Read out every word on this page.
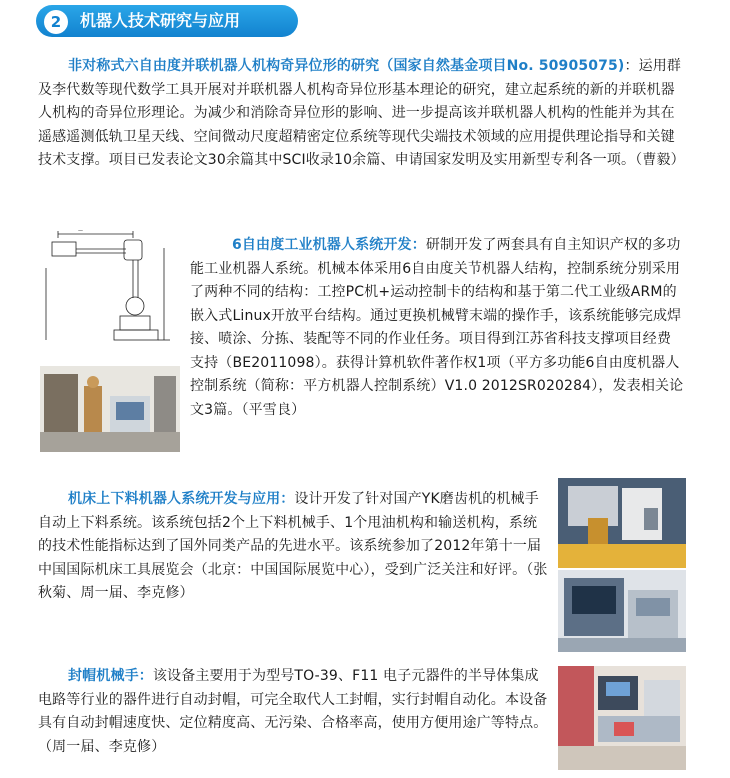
2	机器人技术研究与应用
非对称式六自由度并联机器人机构奇异位形的研究（国家自然基金项目No. 50905075)：运用群及李代数等现代数学工具开展对并联机器人机构奇异位形基本理论的研究，建立起系统的新的并联机器人机构的奇异位形理论。为减少和消除奇异位形的影响、进一步提高该并联机器人机构的性能并为其在遥感遥测低轨卫星天线、空间微动尺度超精密定位系统等现代尖端技术领域的应用提供理论指导和关键技术支撑。项目已发表论文30余篇其中SCI收录10余篇、申请国家发明及实用新型专利各一项。（曹毅）
—
6自由度工业机器人系统开发：研制开发了两套具有自主知识产权的多功能工业机器人系统。机械本体采用6自由度关节机器人结构，控制系统分别采用了两种不同的结构：工控PC机+运动控制卡的结构和基于第二代工业级ARM的嵌入式Linux开放平台结构。通过更换机械臂末端的操作手，该系统能够完成焊接、喷涂、分拣、装配等不同的作业任务。项目得到江苏省科技支撑项目经费支持（BE2011098）。获得计算机软件著作权1项（平方多功能6自由度机器人控制系统（简称：平方机器人控制系统）V1.0 2012SR020284），发表相关论文3篇。（平雪良）
机床上下料机器人系统开发与应用：设计开发了针对国产YK磨齿机的机械手自动上下料系统。该系统包括2个上下料机械手、1个甩油机构和输送机构，系统的技术性能指标达到了国外同类产品的先进水平。该系统参加了2012年第十一届中国国际机床工具展览会（北京：中国国际展览中心），受到广泛关注和好评。（张秋菊、周一届、李克修）
封帽机械手：该设备主要用于为型号TO-39、F11 电子元器件的半导体集成电路等行业的器件进行自动封帽，可完全取代人工封帽，实行封帽自动化。本设备具有自动封帽速度快、定位精度高、无污染、合格率高，使用方便用途广等特点。（周一届、李克修）
